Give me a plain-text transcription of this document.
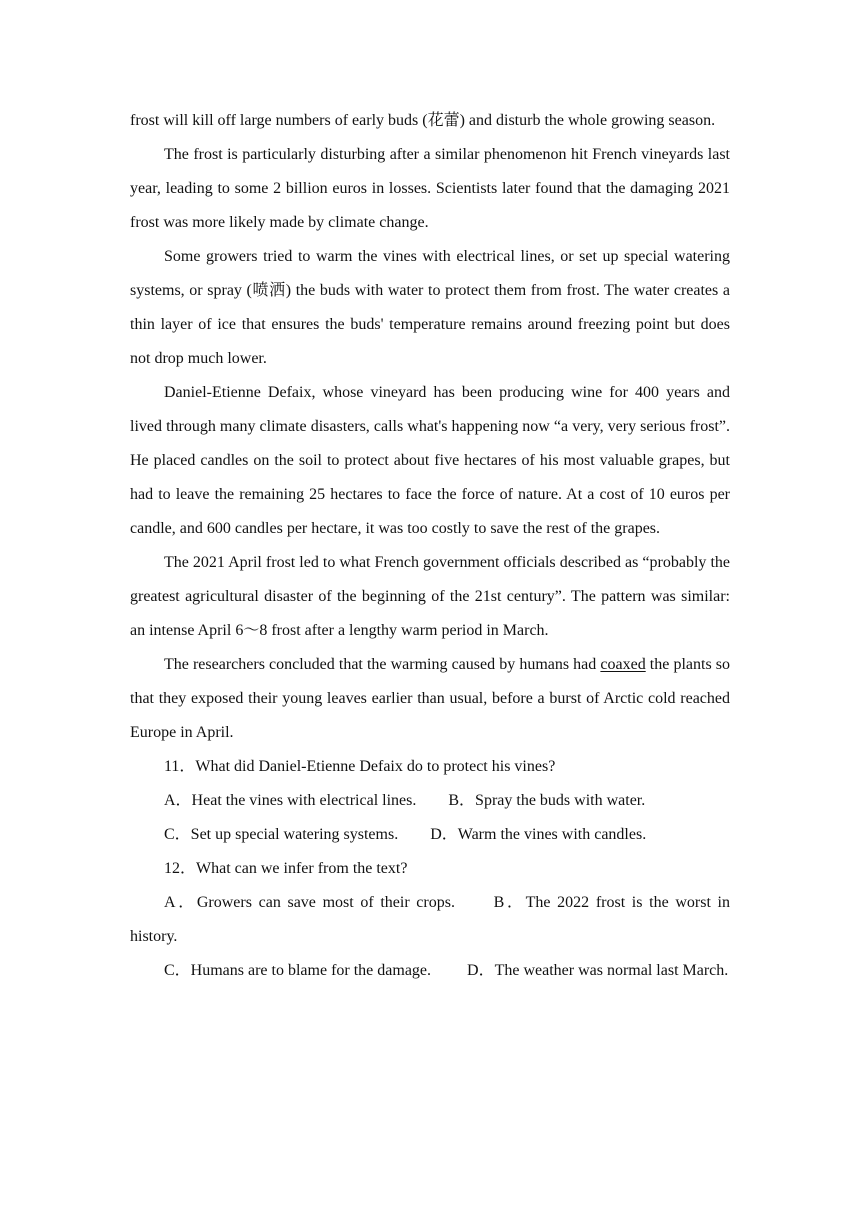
frost will kill off large numbers of early buds (花蕾) and disturb the whole growing season.

The frost is particularly disturbing after a similar phenomenon hit French vineyards last year, leading to some 2 billion euros in losses. Scientists later found that the damaging 2021 frost was more likely made by climate change.

Some growers tried to warm the vines with electrical lines, or set up special watering systems, or spray (喷洒) the buds with water to protect them from frost. The water creates a thin layer of ice that ensures the buds' temperature remains around freezing point but does not drop much lower.

Daniel-Etienne Defaix, whose vineyard has been producing wine for 400 years and lived through many climate disasters, calls what's happening now “a very, very serious frost”. He placed candles on the soil to protect about five hectares of his most valuable grapes, but had to leave the remaining 25 hectares to face the force of nature. At a cost of 10 euros per candle, and 600 candles per hectare, it was too costly to save the rest of the grapes.

The 2021 April frost led to what French government officials described as “probably the greatest agricultural disaster of the beginning of the 21st century”. The pattern was similar: an intense April 6～8 frost after a lengthy warm period in March.

The researchers concluded that the warming caused by humans had coaxed the plants so that they exposed their young leaves earlier than usual, before a burst of Arctic cold reached Europe in April.

11．What did Daniel-Etienne Defaix do to protect his vines?

A．Heat the vines with electrical lines. B．Spray the buds with water.

C．Set up special watering systems. D．Warm the vines with candles.

12．What can we infer from the text?

A．Growers can save most of their crops. B．The 2022 frost is the worst in history.

C．Humans are to blame for the damage. D．The weather was normal last March.
